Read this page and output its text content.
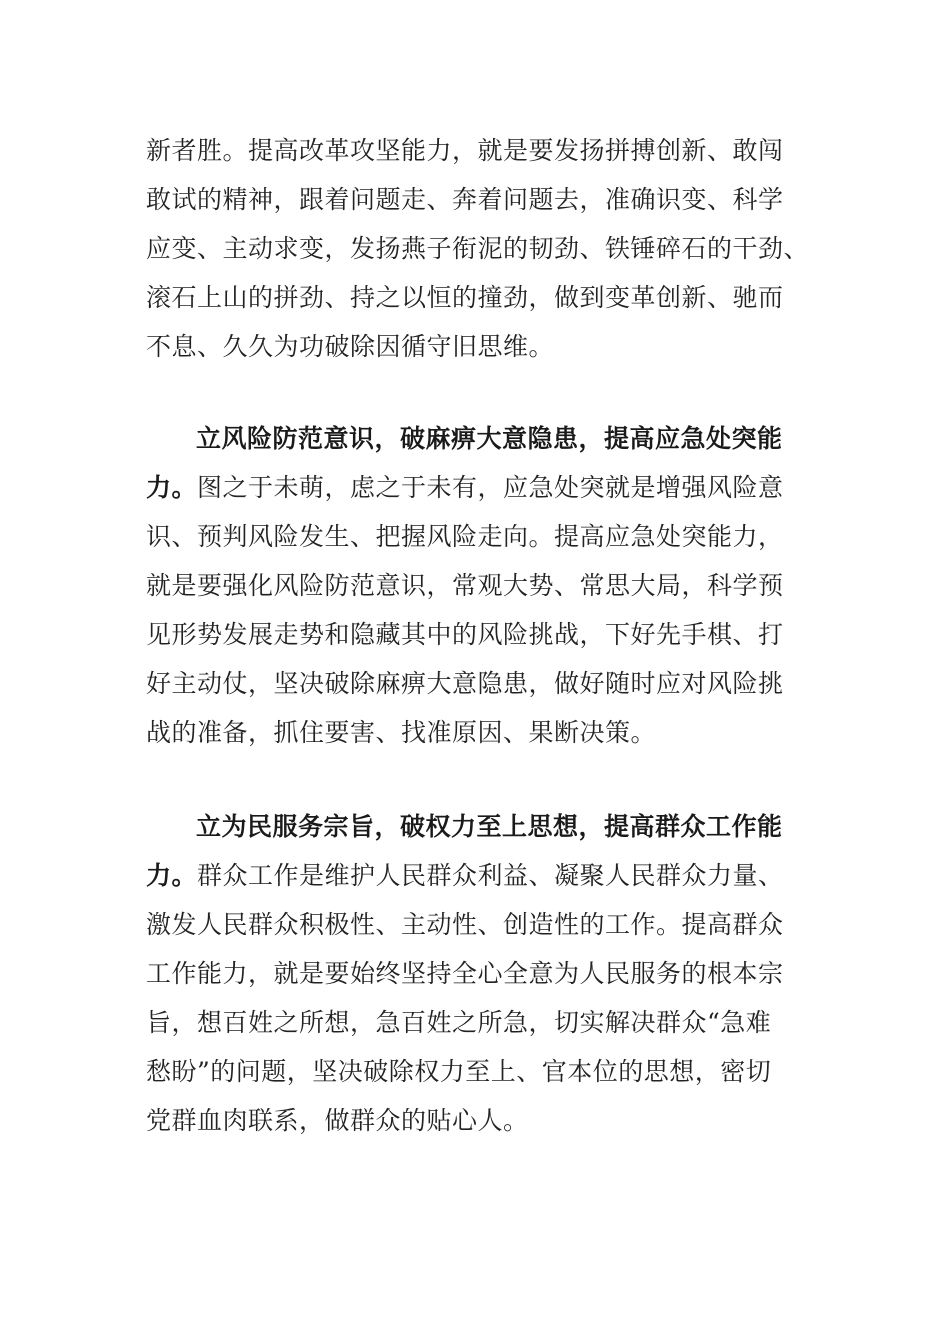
新者胜。提高改革攻坚能力，就是要发扬拼搏创新、敢闯
敢试的精神，跟着问题走、奔着问题去，准确识变、科学
应变、主动求变，发扬燕子衔泥的韧劲、铁锤碎石的干劲、
滚石上山的拼劲、持之以恒的撞劲，做到变革创新、驰而
不息、久久为功破除因循守旧思维。
立风险防范意识，破麻痹大意隐患，提高应急处突能
力。图之于未萌，虑之于未有，应急处突就是增强风险意
识、预判风险发生、把握风险走向。提高应急处突能力，
就是要强化风险防范意识，常观大势、常思大局，科学预
见形势发展走势和隐藏其中的风险挑战，下好先手棋、打
好主动仗，坚决破除麻痹大意隐患，做好随时应对风险挑
战的准备，抓住要害、找准原因、果断决策。
立为民服务宗旨，破权力至上思想，提高群众工作能
力。群众工作是维护人民群众利益、凝聚人民群众力量、
激发人民群众积极性、主动性、创造性的工作。提高群众
工作能力，就是要始终坚持全心全意为人民服务的根本宗
旨，想百姓之所想，急百姓之所急，切实解决群众“急难
愁盼”的问题，坚决破除权力至上、官本位的思想，密切
党群血肉联系，做群众的贴心人。
